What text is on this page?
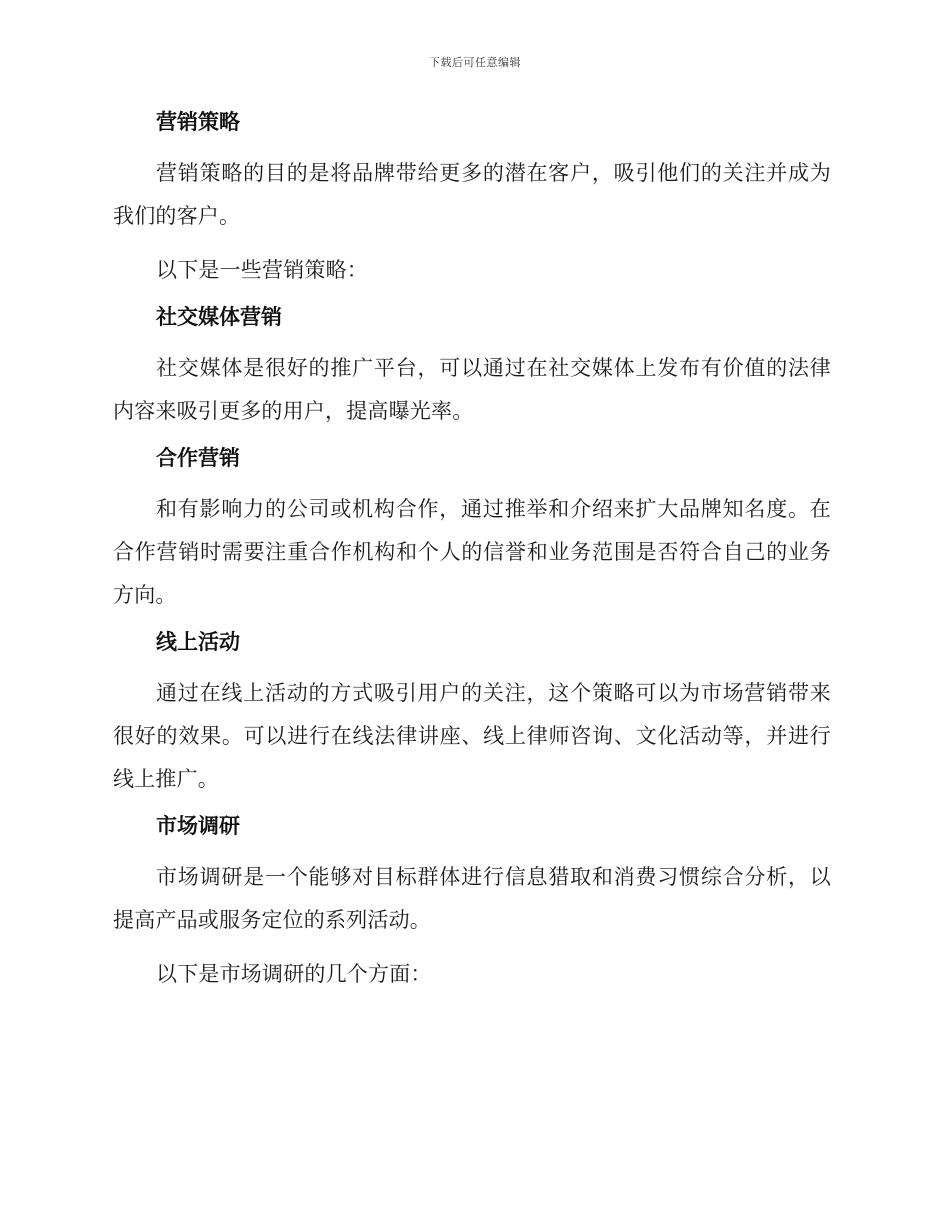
下载后可任意编辑
营销策略

营销策略的目的是将品牌带给更多的潜在客户，吸引他们的关注并成为我们的客户。

以下是一些营销策略：

社交媒体营销

社交媒体是很好的推广平台，可以通过在社交媒体上发布有价值的法律内容来吸引更多的用户，提高曝光率。

合作营销

和有影响力的公司或机构合作，通过推举和介绍来扩大品牌知名度。在合作营销时需要注重合作机构和个人的信誉和业务范围是否符合自己的业务方向。

线上活动

通过在线上活动的方式吸引用户的关注，这个策略可以为市场营销带来很好的效果。可以进行在线法律讲座、线上律师咨询、文化活动等，并进行线上推广。

市场调研

市场调研是一个能够对目标群体进行信息猎取和消费习惯综合分析，以提高产品或服务定位的系列活动。

以下是市场调研的几个方面：
